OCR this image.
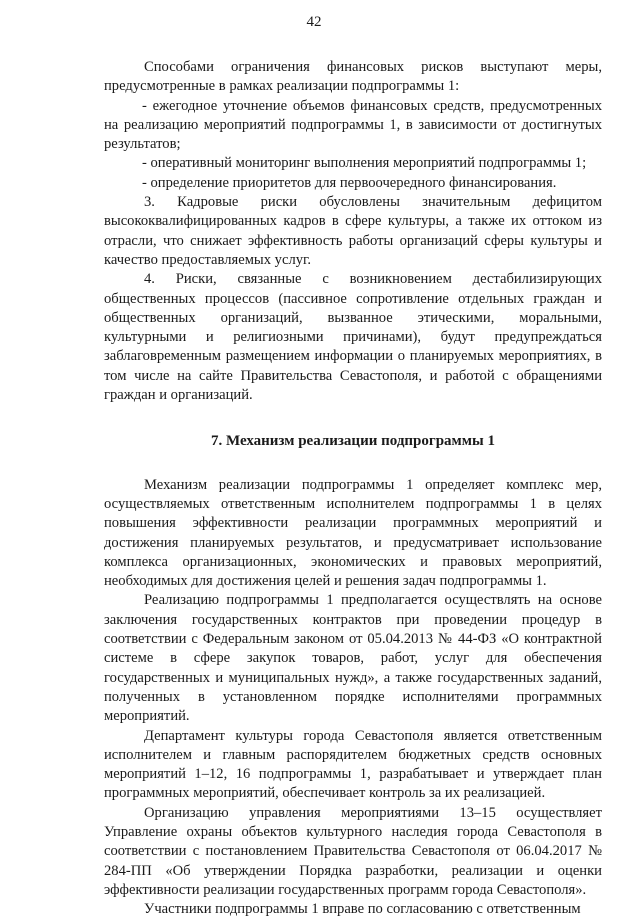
42

Способами ограничения финансовых рисков выступают меры, предусмотренные в рамках реализации подпрограммы 1:

- ежегодное уточнение объемов финансовых средств, предусмотренных на реализацию мероприятий подпрограммы 1, в зависимости от достигнутых результатов;

- оперативный мониторинг выполнения мероприятий подпрограммы 1;

- определение приоритетов для первоочередного финансирования.

3. Кадровые риски обусловлены значительным дефицитом высококвалифицированных кадров в сфере культуры, а также их оттоком из отрасли, что снижает эффективность работы организаций сферы культуры и качество предоставляемых услуг.

4. Риски, связанные с возникновением дестабилизирующих общественных процессов (пассивное сопротивление отдельных граждан и общественных организаций, вызванное этическими, моральными, культурными и религиозными причинами), будут предупреждаться заблаговременным размещением информации о планируемых мероприятиях, в том числе на сайте Правительства Севастополя, и работой с обращениями граждан и организаций.

7. Механизм реализации подпрограммы 1

Механизм реализации подпрограммы 1 определяет комплекс мер, осуществляемых ответственным исполнителем подпрограммы 1 в целях повышения эффективности реализации программных мероприятий и достижения планируемых результатов, и предусматривает использование комплекса организационных, экономических и правовых мероприятий, необходимых для достижения целей и решения задач подпрограммы 1.

Реализацию подпрограммы 1 предполагается осуществлять на основе заключения государственных контрактов при проведении процедур в соответствии с Федеральным законом от 05.04.2013 № 44-ФЗ «О контрактной системе в сфере закупок товаров, работ, услуг для обеспечения государственных и муниципальных нужд», а также государственных заданий, полученных в установленном порядке исполнителями программных мероприятий.

Департамент культуры города Севастополя является ответственным исполнителем и главным распорядителем бюджетных средств основных мероприятий 1–12, 16 подпрограммы 1, разрабатывает и утверждает план программных мероприятий, обеспечивает контроль за их реализацией.

Организацию управления мероприятиями 13–15 осуществляет Управление охраны объектов культурного наследия города Севастополя в соответствии с постановлением Правительства Севастополя от 06.04.2017 № 284-ПП «Об утверждении Порядка разработки, реализации и оценки эффективности реализации государственных программ города Севастополя».

Участники подпрограммы 1 вправе по согласованию с ответственным
